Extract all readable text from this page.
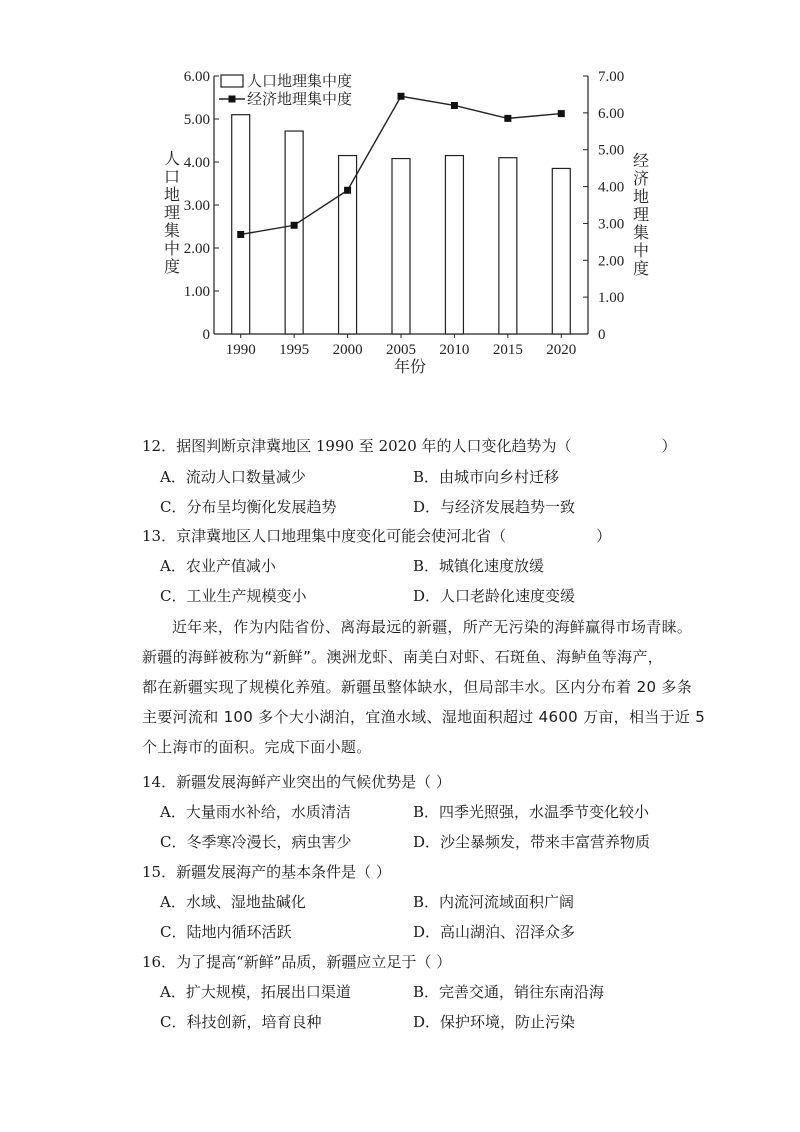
0
1.00
2.00
3.00
4.00
5.00
6.00
0
1.00
2.00
3.00
4.00
5.00
6.00
7.00
1990 1995 2000 2005 2010 2015 2020
人口地理集中度
经济地理集中度
人口地理集中度
经济地理集中度
年份
12．据图判断京津冀地区 1990 至 2020 年的人口变化趋势为（　　　　　　）
A．流动人口数量减少	B．由城市向乡村迁移
C．分布呈均衡化发展趋势	D．与经济发展趋势一致
13．京津冀地区人口地理集中度变化可能会使河北省（　　　　　　）
A．农业产值减小	B．城镇化速度放缓
C．工业生产规模变小	D．人口老龄化速度变缓
近年来，作为内陆省份、离海最远的新疆，所产无污染的海鲜赢得市场青睐。
新疆的海鲜被称为“新鲜”。澳洲龙虾、南美白对虾、石斑鱼、海鲈鱼等海产，
都在新疆实现了规模化养殖。新疆虽整体缺水，但局部丰水。区内分布着 20 多条
主要河流和 100 多个大小湖泊，宜渔水域、湿地面积超过 4600 万亩，相当于近 5
个上海市的面积。完成下面小题。
14．新疆发展海鲜产业突出的气候优势是（ ）
A．大量雨水补给，水质清洁	B．四季光照强，水温季节变化较小
C．冬季寒冷漫长，病虫害少	D．沙尘暴频发，带来丰富营养物质
15．新疆发展海产的基本条件是（ ）
A．水域、湿地盐碱化	B．内流河流域面积广阔
C．陆地内循环活跃	D．高山湖泊、沼泽众多
16．为了提高“新鲜”品质，新疆应立足于（ ）
A．扩大规模，拓展出口渠道	B．完善交通，销往东南沿海
C．科技创新，培育良种	D．保护环境，防止污染
